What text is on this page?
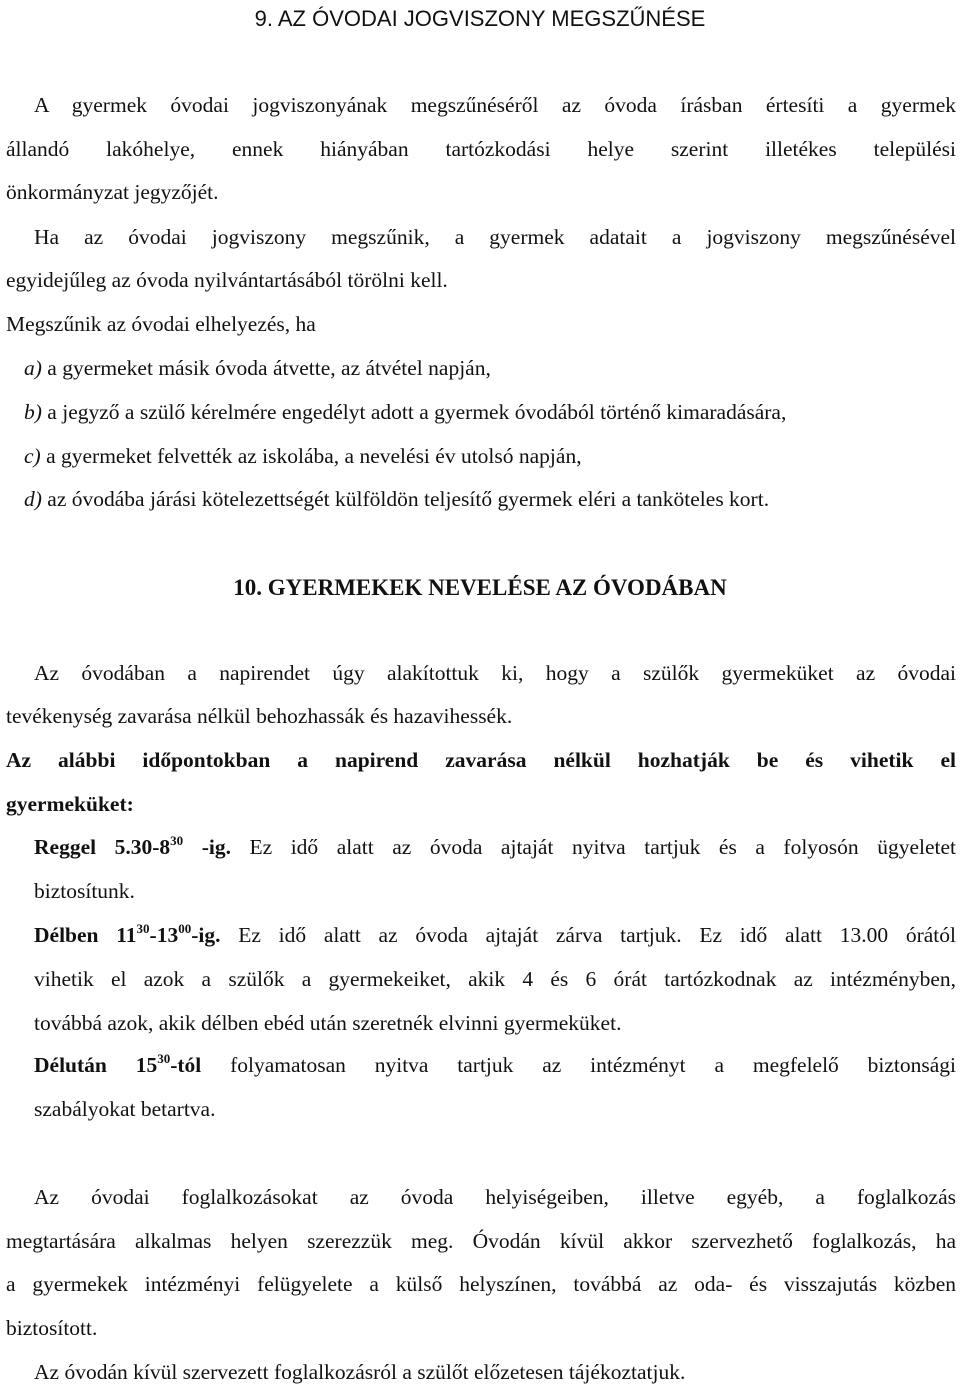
9. AZ ÓVODAI JOGVISZONY MEGSZŰNÉSE
A gyermek óvodai jogviszonyának megszűnéséről az óvoda írásban értesíti a gyermek
állandó lakóhelye, ennek hiányában tartózkodási helye szerint illetékes települési
önkormányzat jegyzőjét.
Ha az óvodai jogviszony megszűnik, a gyermek adatait a jogviszony megszűnésével
egyidejűleg az óvoda nyilvántartásából törölni kell.
Megszűnik az óvodai elhelyezés, ha
a) a gyermeket másik óvoda átvette, az átvétel napján,
b) a jegyző a szülő kérelmére engedélyt adott a gyermek óvodából történő kimaradására,
c) a gyermeket felvették az iskolába, a nevelési év utolsó napján,
d) az óvodába járási kötelezettségét külföldön teljesítő gyermek eléri a tanköteles kort.
10. GYERMEKEK NEVELÉSE AZ ÓVODÁBAN
Az óvodában a napirendet úgy alakítottuk ki, hogy a szülők gyermeküket az óvodai
tevékenység zavarása nélkül behozhassák és hazavihessék.
Az alábbi időpontokban a napirend zavarása nélkül hozhatják be és vihetik el
gyermeküket:
Reggel $5.30-8^{30}$ -ig. Ez idő alatt az óvoda ajtaját nyitva tartjuk és a folyosón ügyeletet
biztosítunk.
Délben $11^{30}-13^{00}-ig$. Ez idő alatt az óvoda ajtaját zárva tartjuk. Ez idő alatt 13.00 órától
vihetik el azok a szülők a gyermekeiket, akik 4 és 6 órát tartózkodnak az intézményben,
továbbá azok, akik délben ebéd után szeretnék elvinni gyermeküket.
Délután $15^{30}$-tól folyamatosan nyitva tartjuk az intézményt a megfelelő biztonsági
szabályokat betartva.
Az óvodai foglalkozásokat az óvoda helyiségeiben, illetve egyéb, a foglalkozás
megtartására alkalmas helyen szerezzük meg. Óvodán kívül akkor szervezhető foglalkozás, ha
a gyermekek intézményi felügyelete a külső helyszínen, továbbá az oda- és visszajutás közben
biztosított.
Az óvodán kívül szervezett foglalkozásról a szülőt előzetesen tájékoztatjuk.
